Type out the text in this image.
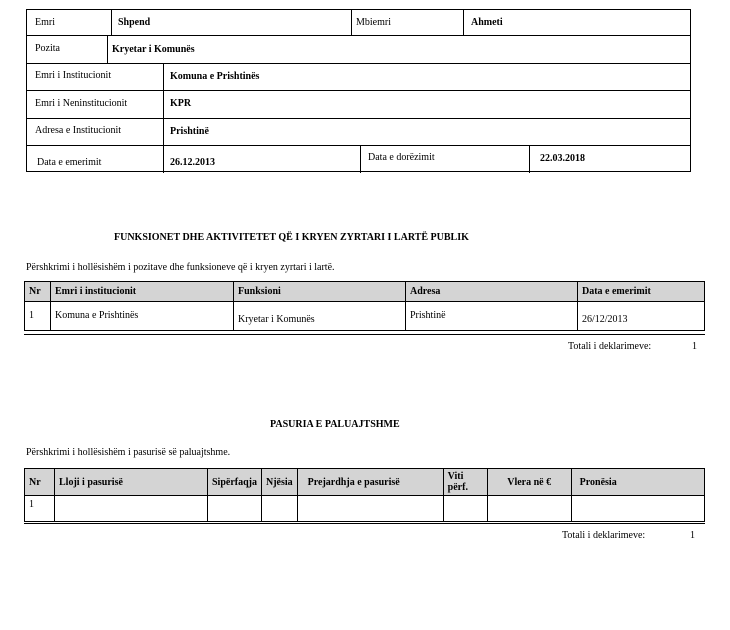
Emri	Shpend	Mbiemri	Ahmeti
Pozita	Kryetar i Komunës
Emri i Institucionit	Komuna e Prishtinës
Emri i Neninstitucionit	KPR
Adresa e Institucionit	Prishtinë
Data e emerimit	26.12.2013	Data e dorëzimit	22.03.2018
FUNKSIONET DHE AKTIVITETET QË I KRYEN ZYRTARI I LARTË PUBLIK
Përshkrimi i hollësishëm i pozitave dhe funksioneve që i kryen zyrtari i lartë.
Nr	Emri i institucionit	Funksioni	Adresa	Data e emerimit
1	Komuna e Prishtinës	Kryetar i Komunës	Prishtinë	26/12/2013
Totali i deklarimeve:	1
PASURIA E PALUAJTSHME
Përshkrimi i hollësishëm i pasurisë së paluajtshme.
Nr	Lloji i pasurisë	Sipërfaqja	Njësia	Prejardhja e pasurisë	Viti përf.	Vlera në €	Pronësia
1							
Totali i deklarimeve:	1
